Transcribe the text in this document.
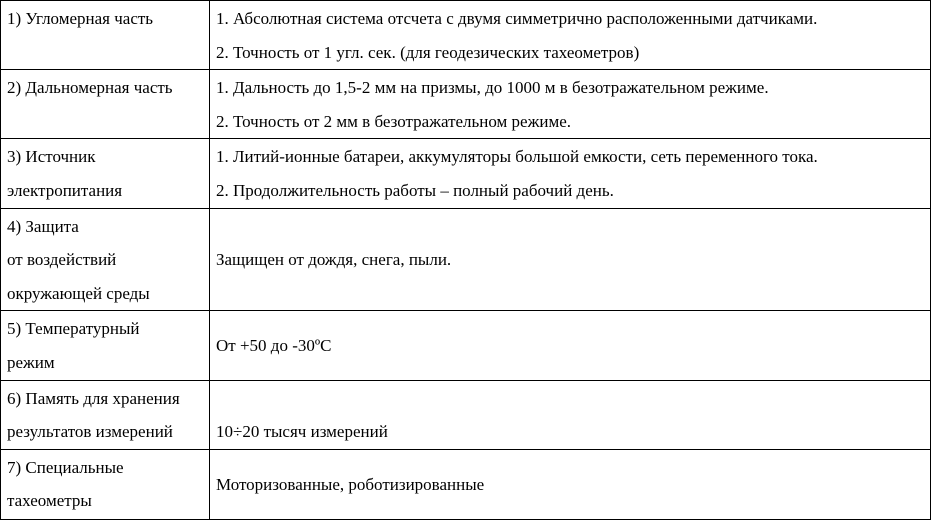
1) Угломерная часть	1. Абсолютная система отсчета с двумя симметрично расположенными датчиками.
2. Точность от 1 угл. сек. (для геодезических тахеометров)

2) Дальномерная часть	1. Дальность до 1,5-2 мм на призмы, до 1000 м в безотражательном режиме.
2. Точность от 2 мм в безотражательном режиме.

3) Источник
электропитания	1. Литий-ионные батареи, аккумуляторы большой емкости, сеть переменного тока.
2. Продолжительность работы – полный рабочий день.

4) Защита
от воздействий
окружающей среды	Защищен от дождя, снега, пыли.

5) Температурный
режим	От +50 до -30ºС

6) Память для хранения
результатов измерений	10÷20 тысяч измерений

7) Специальные
тахеометры	Моторизованные, роботизированные
